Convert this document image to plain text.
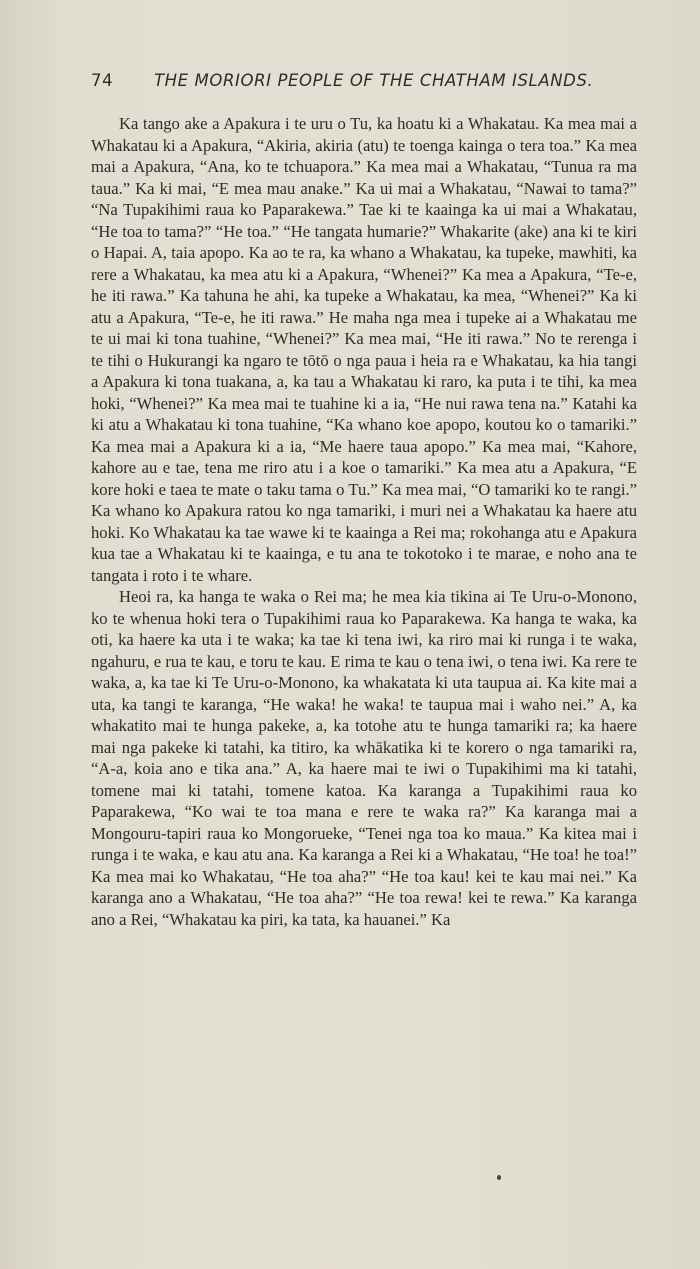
74 THE MORIORI PEOPLE OF THE CHATHAM ISLANDS.

Ka tango ake a Apakura i te uru o Tu, ka hoatu ki a Whakatau. Ka mea mai a Whakatau ki a Apakura, “Akiria, akiria (atu) te toenga kainga o tera toa.” Ka mea mai a Apakura, “Ana, ko te tchuapora.” Ka mea mai a Whakatau, “Tunua ra ma taua.” Ka ki mai, “E mea mau anake.” Ka ui mai a Whakatau, “Nawai to tama?” “Na Tupakihimi raua ko Paparakewa.” Tae ki te kaainga ka ui mai a Whakatau, “He toa to tama?” “He toa.” “He tangata humarie?” Whakarite (ake) ana ki te kiri o Hapai. A, taia apopo. Ka ao te ra, ka whano a Whakatau, ka tupeke, mawhiti, ka rere a Whakatau, ka mea atu ki a Apakura, “Whenei?” Ka mea a Apakura, “Te-e, he iti rawa.” Ka tahuna he ahi, ka tupeke a Whakatau, ka mea, “Whenei?” Ka ki atu a Apakura, “Te-e, he iti rawa.” He maha nga mea i tupeke ai a Whakatau me te ui mai ki tona tuahine, “Whenei?” Ka mea mai, “He iti rawa.” No te rerenga i te tihi o Hukurangi ka ngaro te tōtō o nga paua i heia ra e Whakatau, ka hia tangi a Apakura ki tona tuakana, a, ka tau a Whakatau ki raro, ka puta i te tihi, ka mea hoki, “Whenei?” Ka mea mai te tuahine ki a ia, “He nui rawa tena na.” Katahi ka ki atu a Whakatau ki tona tuahine, “Ka whano koe apopo, koutou ko o tamariki.” Ka mea mai a Apakura ki a ia, “Me haere taua apopo.” Ka mea mai, “Kahore, kahore au e tae, tena me riro atu i a koe o tamariki.” Ka mea atu a Apakura, “E kore hoki e taea te mate o taku tama o Tu.” Ka mea mai, “O tamariki ko te rangi.” Ka whano ko Apakura ratou ko nga tamariki, i muri nei a Whakatau ka haere atu hoki. Ko Whakatau ka tae wawe ki te kaainga a Rei ma; rokohanga atu e Apakura kua tae a Whakatau ki te kaainga, e tu ana te tokotoko i te marae, e noho ana te tangata i roto i te whare.

Heoi ra, ka hanga te waka o Rei ma; he mea kia tikina ai Te Uru-o-Monono, ko te whenua hoki tera o Tupakihimi raua ko Paparakewa. Ka hanga te waka, ka oti, ka haere ka uta i te waka; ka tae ki tena iwi, ka riro mai ki runga i te waka, ngahuru, e rua te kau, e toru te kau. E rima te kau o tena iwi, o tena iwi. Ka rere te waka, a, ka tae ki Te Uru-o-Monono, ka whakatata ki uta taupua ai. Ka kite mai a uta, ka tangi te karanga, “He waka! he waka! te taupua mai i waho nei.” A, ka whakatito mai te hunga pakeke, a, ka totohe atu te hunga tamariki ra; ka haere mai nga pakeke ki tatahi, ka titiro, ka whākatika ki te korero o nga tamariki ra, “A-a, koia ano e tika ana.” A, ka haere mai te iwi o Tupakihimi ma ki tatahi, tomene mai ki tatahi, tomene katoa. Ka karanga a Tupakihimi raua ko Paparakewa, “Ko wai te toa mana e rere te waka ra?” Ka karanga mai a Mongouru-tapiri raua ko Mongorueke, “Tenei nga toa ko maua.” Ka kitea mai i runga i te waka, e kau atu ana. Ka karanga a Rei ki a Whakatau, “He toa! he toa!” Ka mea mai ko Whakatau, “He toa aha?” “He toa kau! kei te kau mai nei.” Ka karanga ano a Whakatau, “He toa aha?” “He toa rewa! kei te rewa.” Ka karanga ano a Rei, “Whakatau ka piri, ka tata, ka hauanei.” Ka
